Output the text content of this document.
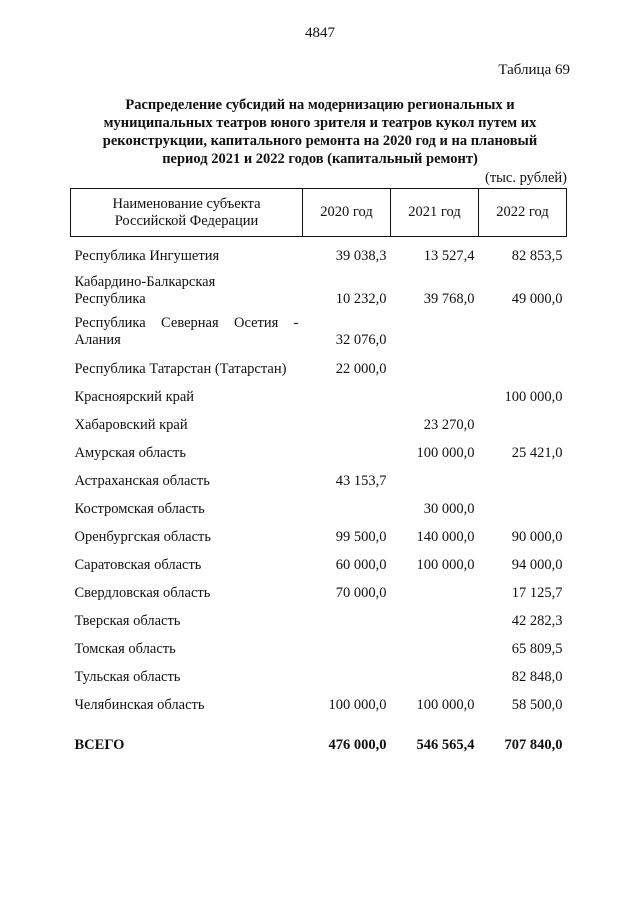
4847
Таблица 69
Распределение субсидий на модернизацию региональных и муниципальных театров юного зрителя и театров кукол путем их реконструкции, капитального ремонта на 2020 год и на плановый период 2021 и 2022 годов (капитальный ремонт)
(тыс. рублей)
Наименование субъекта
Российской Федерации	2020 год	2021 год	2022 год
Республика Ингушетия	39 038,3	13 527,4	82 853,5

Кабардино-Балкарская
Республика	10 232,0	39 768,0	49 000,0

Республика Северная Осетия -
Алания	32 076,0		
Республика Татарстан (Татарстан)	22 000,0		
Красноярский край			100 000,0
Хабаровский край		23 270,0	
Амурская область		100 000,0	25 421,0
Астраханская область	43 153,7		
Костромская область		30 000,0	
Оренбургская область	99 500,0	140 000,0	90 000,0
Саратовская область	60 000,0	100 000,0	94 000,0
Свердловская область	70 000,0		17 125,7
Тверская область			42 282,3
Томская область			65 809,5
Тульская область			82 848,0
Челябинская область	100 000,0	100 000,0	58 500,0
ВСЕГО	476 000,0	546 565,4	707 840,0
